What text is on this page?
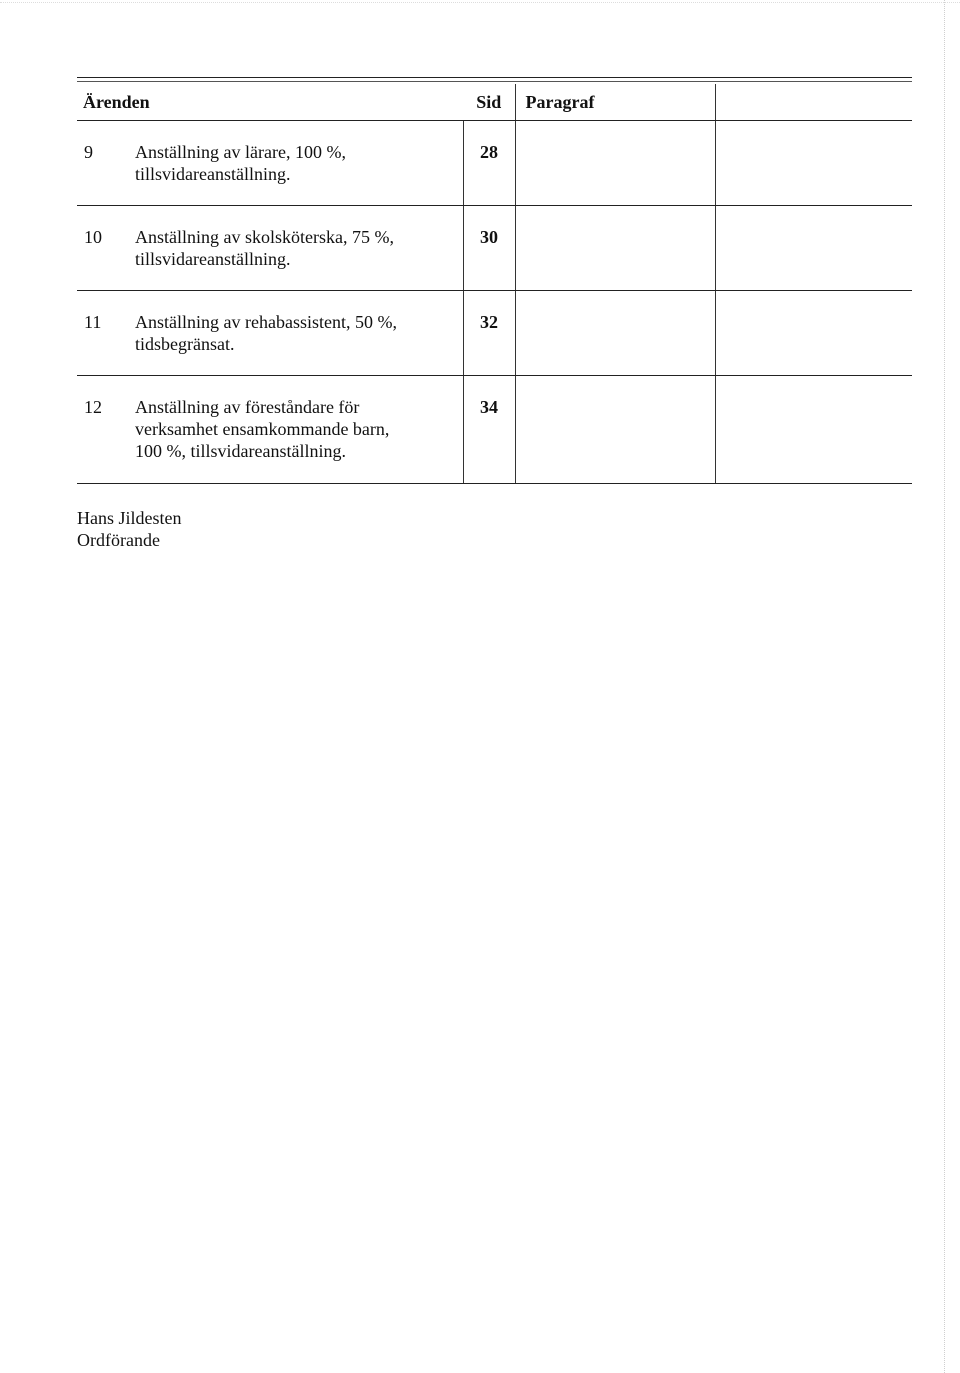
Ärenden	Sid	Paragraf	

9 Anställning av lärare, 100 %,
tillsvidareanställning.	28		

10 Anställning av skolsköterska, 75 %,
tillsvidareanställning.	30		

11 Anställning av rehabassistent, 50 %,
tidsbegränsat.	32		

12 Anställning av föreståndare för
verksamhet ensamkommande barn,
100 %, tillsvidareanställning.	34		
Hans Jildesten
Ordförande
